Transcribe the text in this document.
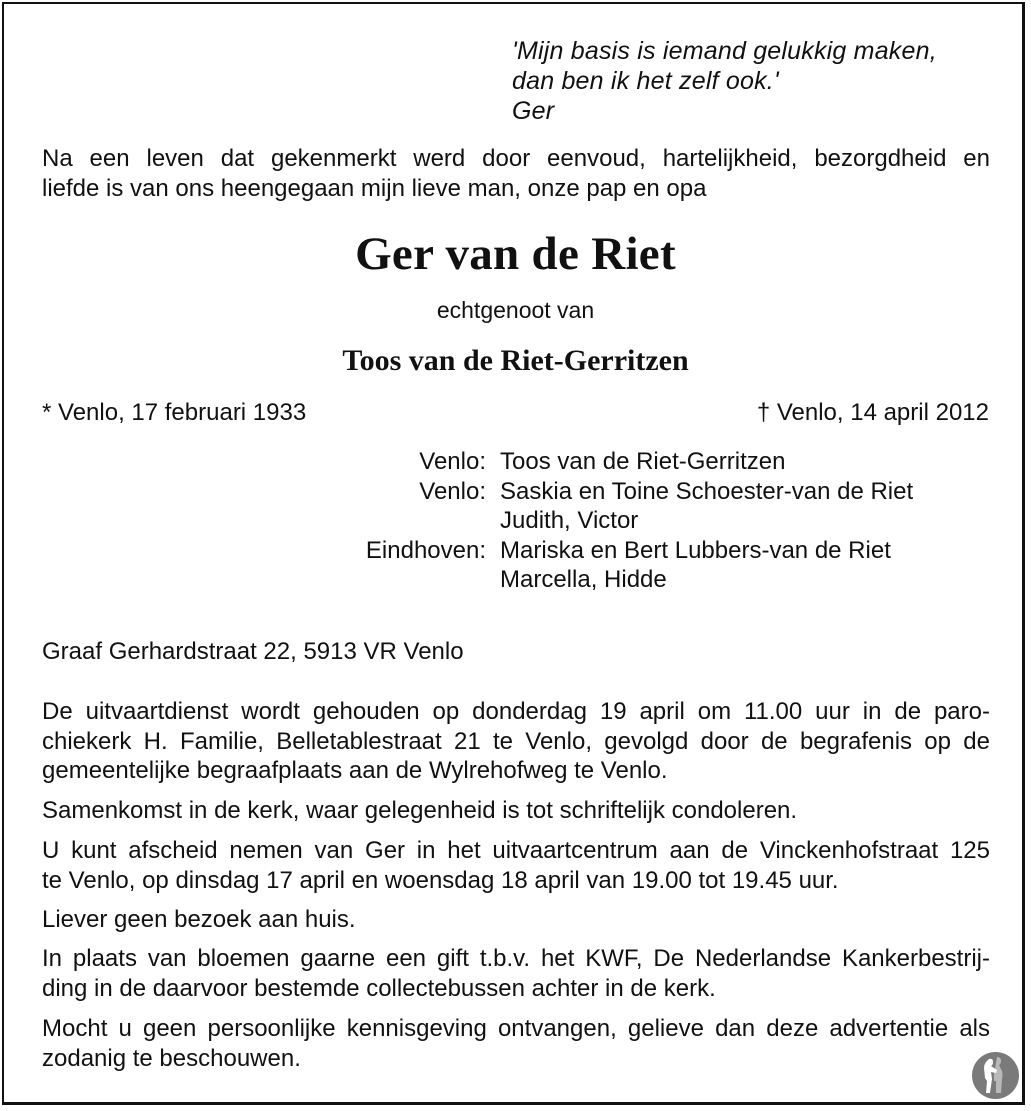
'Mijn basis is iemand gelukkig maken,
dan ben ik het zelf ook.'
Ger
Na een leven dat gekenmerkt werd door eenvoud, hartelijkheid, bezorgdheid en
liefde is van ons heengegaan mijn lieve man, onze pap en opa
Ger van de Riet
echtgenoot van
Toos van de Riet-Gerritzen
* Venlo, 17 februari 1933	† Venlo, 14 april 2012
Venlo: Toos van de Riet-Gerritzen
Venlo: Saskia en Toine Schoester-van de Riet
Judith, Victor
Eindhoven: Mariska en Bert Lubbers-van de Riet
Marcella, Hidde
Graaf Gerhardstraat 22, 5913 VR Venlo
De uitvaartdienst wordt gehouden op donderdag 19 april om 11.00 uur in de paro-
chiekerk H. Familie, Belletablestraat 21 te Venlo, gevolgd door de begrafenis op de
gemeentelijke begraafplaats aan de Wylrehofweg te Venlo.
Samenkomst in de kerk, waar gelegenheid is tot schriftelijk condoleren.
U kunt afscheid nemen van Ger in het uitvaartcentrum aan de Vinckenhofstraat 125
te Venlo, op dinsdag 17 april en woensdag 18 april van 19.00 tot 19.45 uur.
Liever geen bezoek aan huis.
In plaats van bloemen gaarne een gift t.b.v. het KWF, De Nederlandse Kankerbestrij-
ding in de daarvoor bestemde collectebussen achter in de kerk.
Mocht u geen persoonlijke kennisgeving ontvangen, gelieve dan deze advertentie als
zodanig te beschouwen.
